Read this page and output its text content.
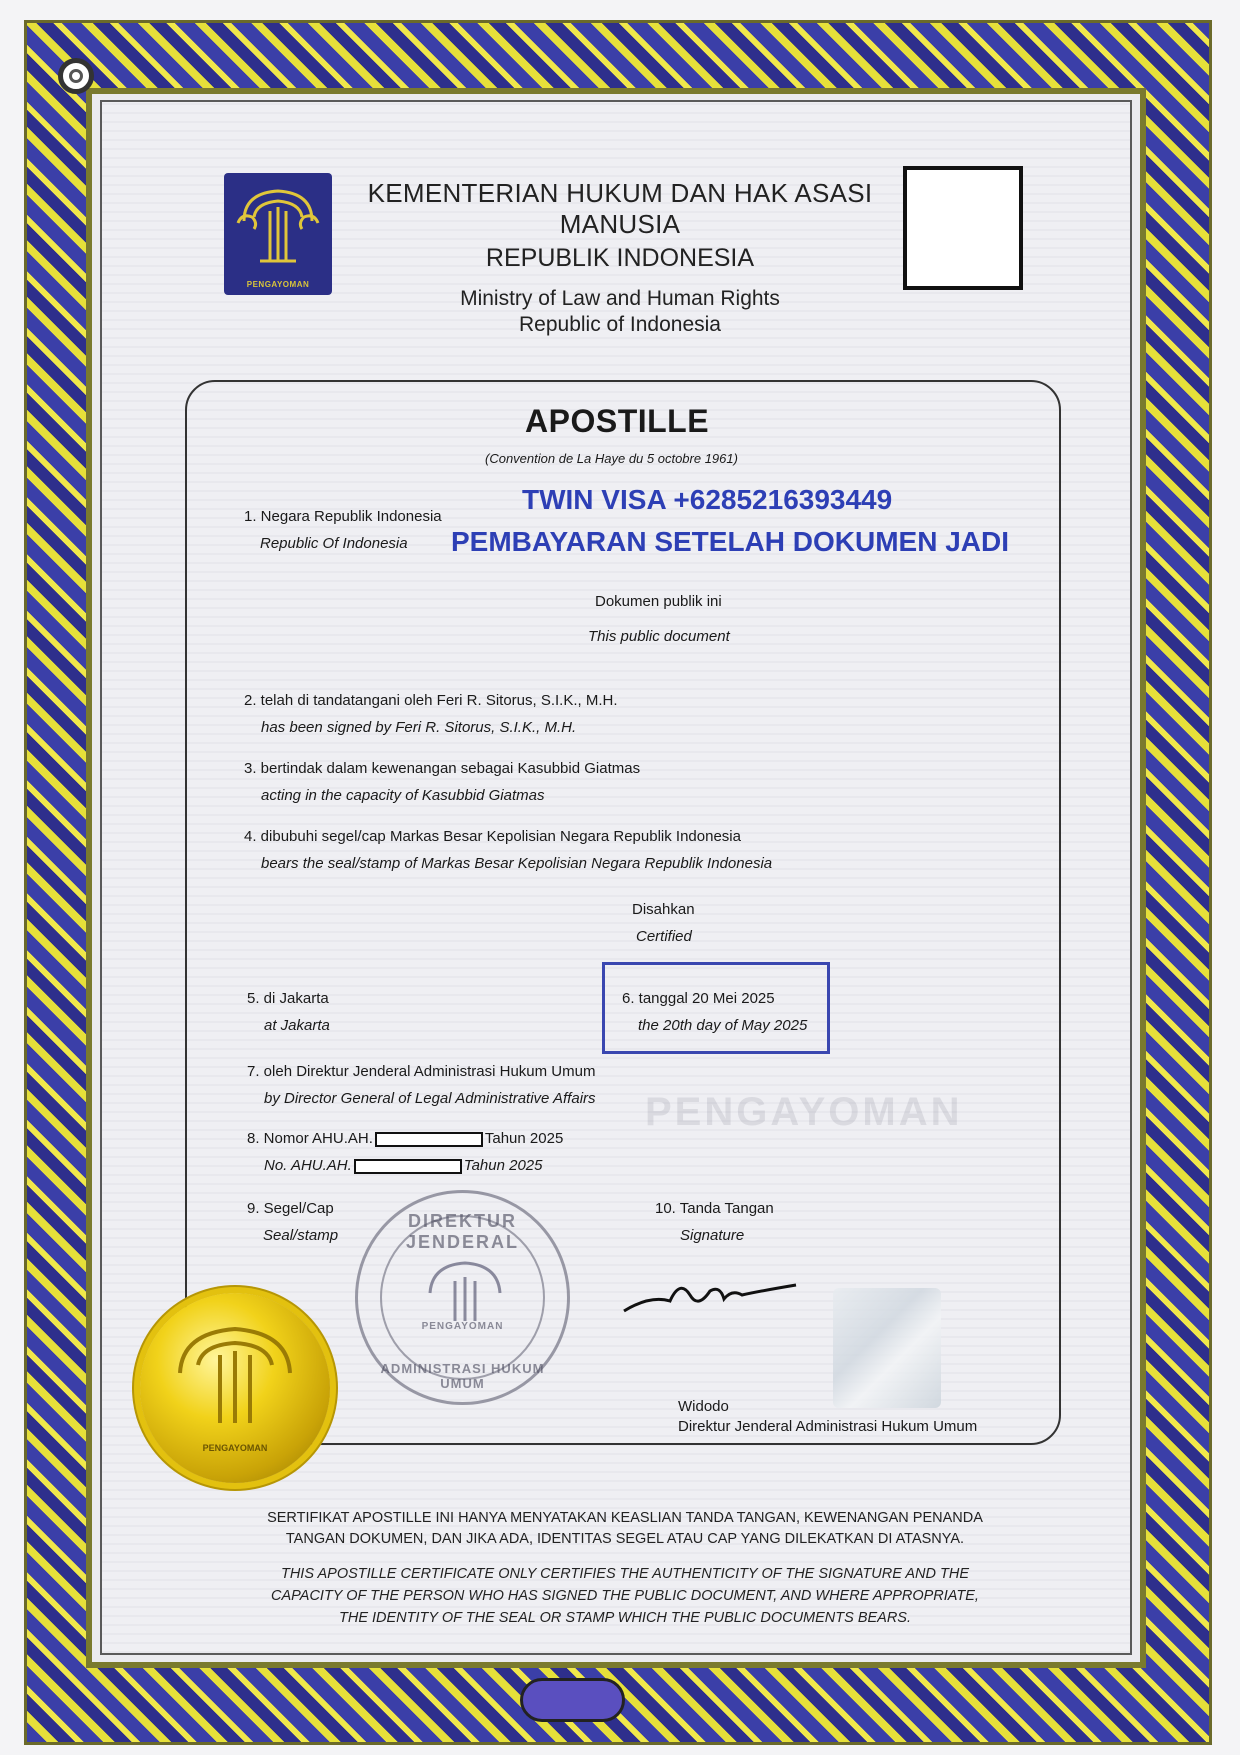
PENGAYOMAN
KEMENTERIAN HUKUM DAN HAK ASASI MANUSIA
REPUBLIK INDONESIA
Ministry of Law and Human Rights
Republic of Indonesia
PENGAYOMAN
APOSTILLE
(Convention de La Haye du 5 octobre 1961)
TWIN VISA +6285216393449
PEMBAYARAN SETELAH DOKUMEN JADI
1. Negara Republik Indonesia
Republic Of Indonesia
Dokumen publik ini
This public document
2. telah di tandatangani oleh Feri R. Sitorus, S.I.K., M.H.
has been signed by Feri R. Sitorus, S.I.K., M.H.
3. bertindak dalam kewenangan sebagai Kasubbid Giatmas
acting in the capacity of Kasubbid Giatmas
4. dibubuhi segel/cap Markas Besar Kepolisian Negara Republik Indonesia
bears the seal/stamp of Markas Besar Kepolisian Negara Republik Indonesia
Disahkan
Certified
5. di Jakarta
at Jakarta
6. tanggal 20 Mei 2025
the 20th day of May 2025
7. oleh Direktur Jenderal Administrasi Hukum Umum
by Director General of Legal Administrative Affairs
8. Nomor AHU.AH.	Tahun 2025
No. AHU.AH.	Tahun 2025
9. Segel/Cap
Seal/stamp
10. Tanda Tangan
Signature
DIREKTUR JENDERAL
PENGAYOMAN
ADMINISTRASI HUKUM UMUM
Widodo
Direktur Jenderal Administrasi Hukum Umum
PENGAYOMAN
SERTIFIKAT APOSTILLE INI HANYA MENYATAKAN KEASLIAN TANDA TANGAN, KEWENANGAN PENANDA
TANGAN DOKUMEN, DAN JIKA ADA, IDENTITAS SEGEL ATAU CAP YANG DILEKATKAN DI ATASNYA.
THIS APOSTILLE CERTIFICATE ONLY CERTIFIES THE AUTHENTICITY OF THE SIGNATURE AND THE
CAPACITY OF THE PERSON WHO HAS SIGNED THE PUBLIC DOCUMENT, AND WHERE APPROPRIATE,
THE IDENTITY OF THE SEAL OR STAMP WHICH THE PUBLIC DOCUMENTS BEARS.
